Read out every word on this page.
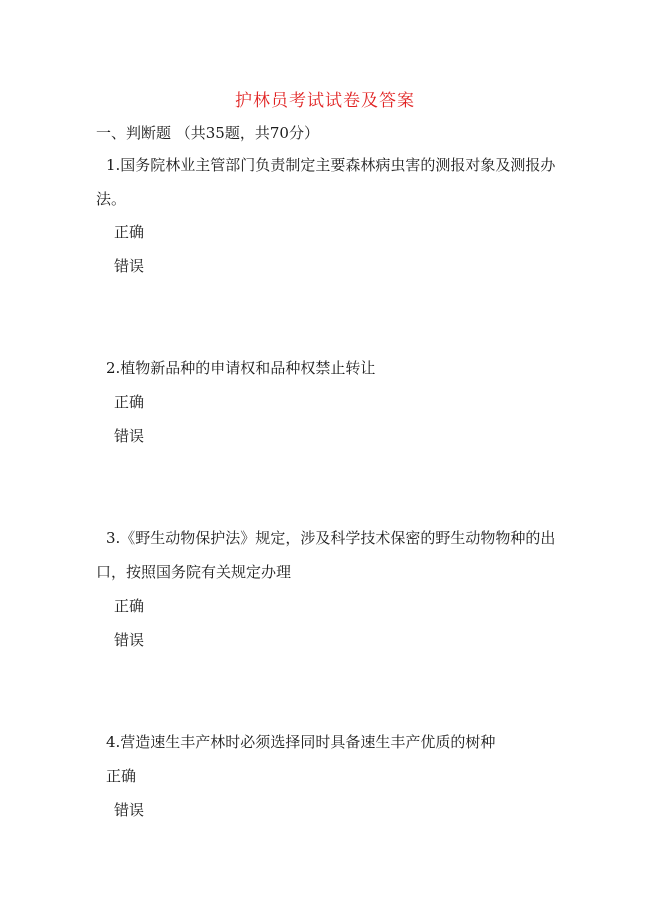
护林员考试试卷及答案
一、判断题 （共35题，共70分）

1.国务院林业主管部门负责制定主要森林病虫害的测报对象及测报办法。

正确
错误

2.植物新品种的申请权和品种权禁止转让

正确
错误

3.《野生动物保护法》规定，涉及科学技术保密的野生动物物种的出口，按照国务院有关规定办理

正确
错误

4.营造速生丰产林时必须选择同时具备速生丰产优质的树种

正确
错误
